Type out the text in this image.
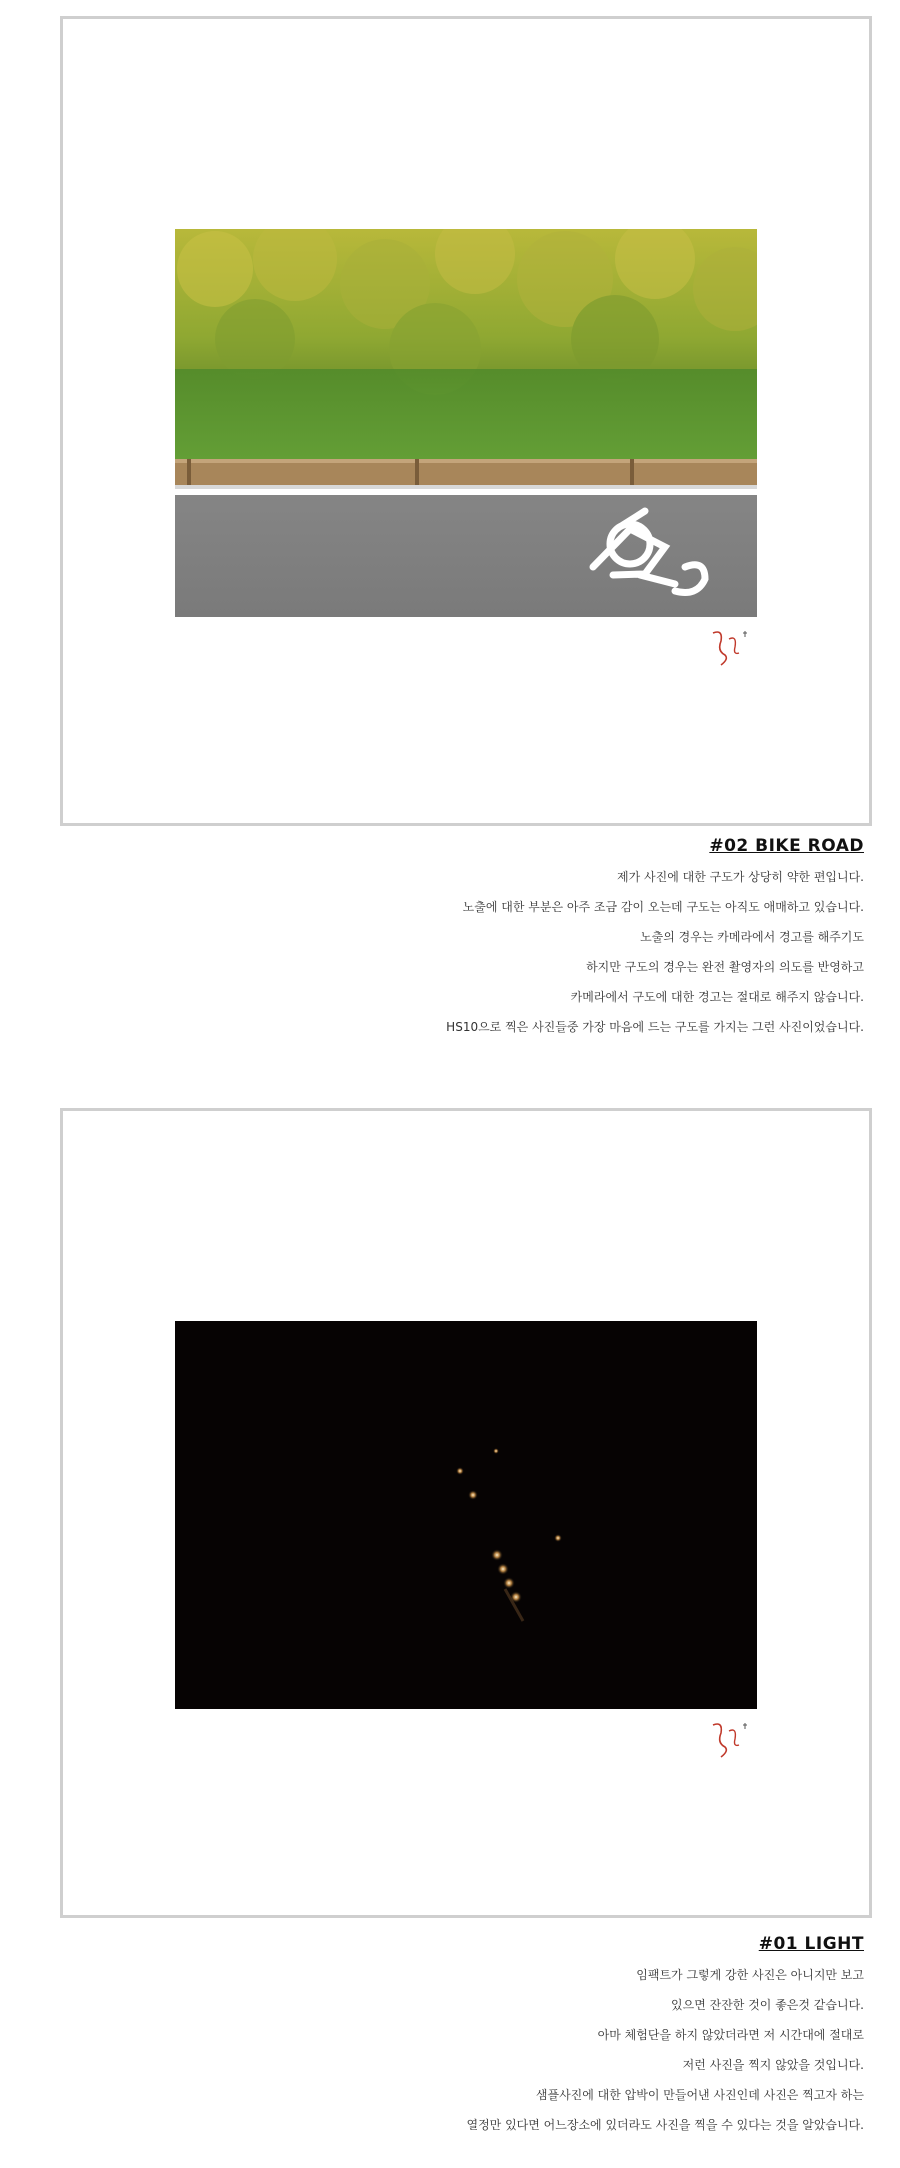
#02 BIKE ROAD
제가 사진에 대한 구도가 상당히 약한 편입니다.
노출에 대한 부분은 아주 조금 감이 오는데 구도는 아직도 애매하고 있습니다.
노출의 경우는 카메라에서 경고를 해주기도
하지만 구도의 경우는 완전 촬영자의 의도를 반영하고
카메라에서 구도에 대한 경고는 절대로 해주지 않습니다.
HS10으로 찍은 사진들중 가장 마음에 드는 구도를 가지는 그런 사진이었습니다.
#01 LIGHT
임팩트가 그렇게 강한 사진은 아니지만 보고
있으면 잔잔한 것이 좋은것 같습니다.
아마 체험단을 하지 않았더라면 저 시간대에 절대로
저런 사진을 찍지 않았을 것입니다.
샘플사진에 대한 압박이 만들어낸 사진인데 사진은 찍고자 하는
열정만 있다면 어느장소에 있더라도 사진을 찍을 수 있다는 것을 알았습니다.
